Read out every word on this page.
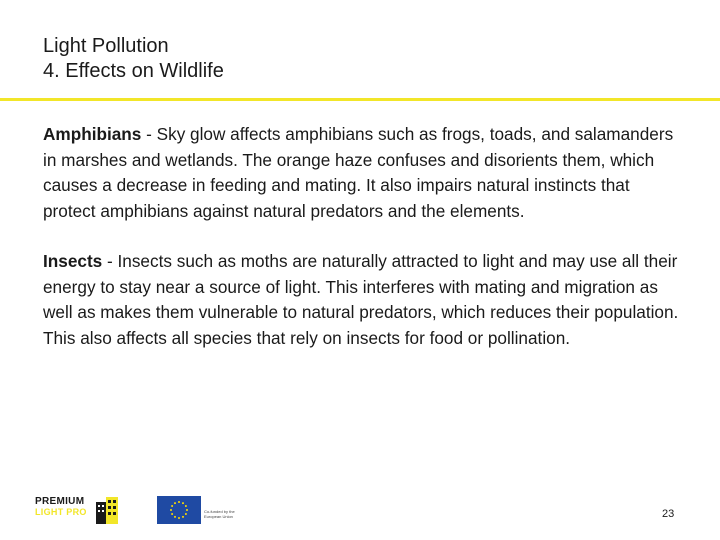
Light Pollution
4. Effects on Wildlife

Amphibians - Sky glow affects amphibians such as frogs, toads, and salamanders in marshes and wetlands. The orange haze confuses and disorients them, which causes a decrease in feeding and mating. It also impairs natural instincts that protect amphibians against natural predators and the elements.

Insects - Insects such as moths are naturally attracted to light and may use all their energy to stay near a source of light. This interferes with mating and migration as well as makes them vulnerable to natural predators, which reduces their population. This also affects all species that rely on insects for food or pollination.

PREMIUM
LIGHT PRO	Co-funded by the European Union	23
